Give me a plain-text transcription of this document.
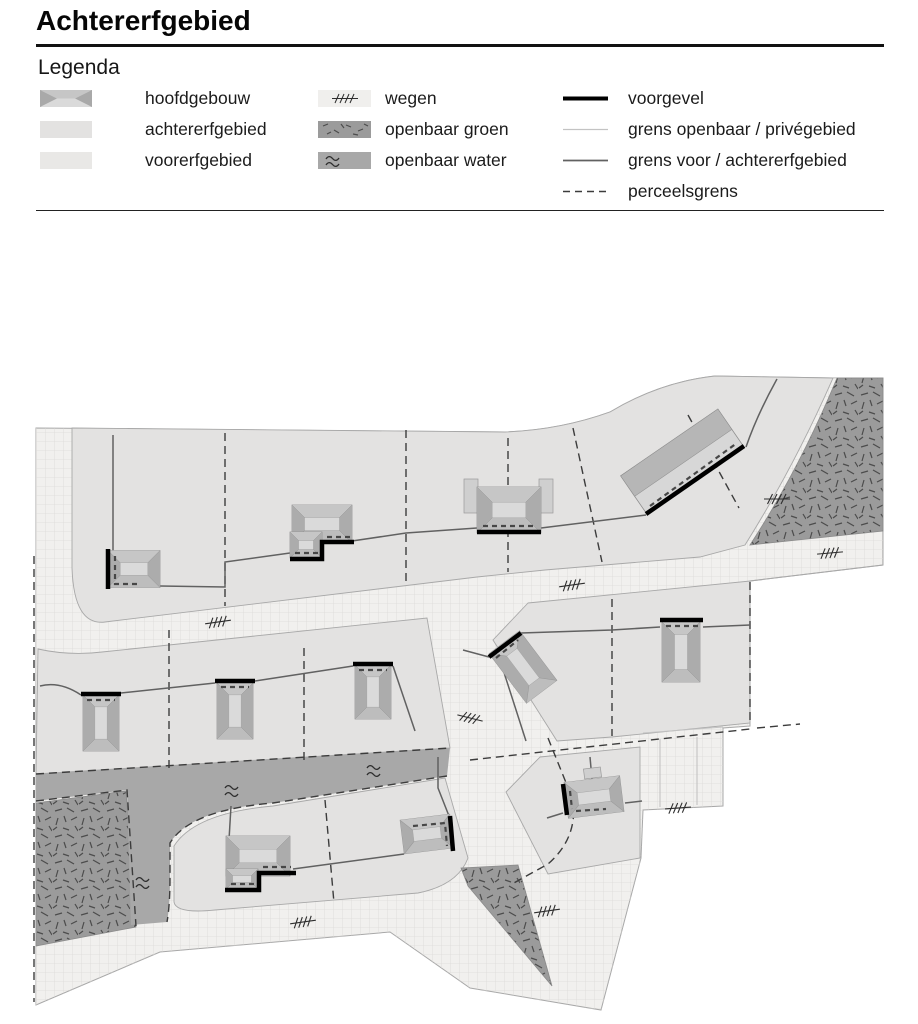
Achtererfgebied
Legenda
hoofdgebouw
achtererfgebied
voorerfgebied
wegen
openbaar groen
openbaar water
voorgevel
grens openbaar / privégebied
grens voor / achtererfgebied
perceelsgrens
